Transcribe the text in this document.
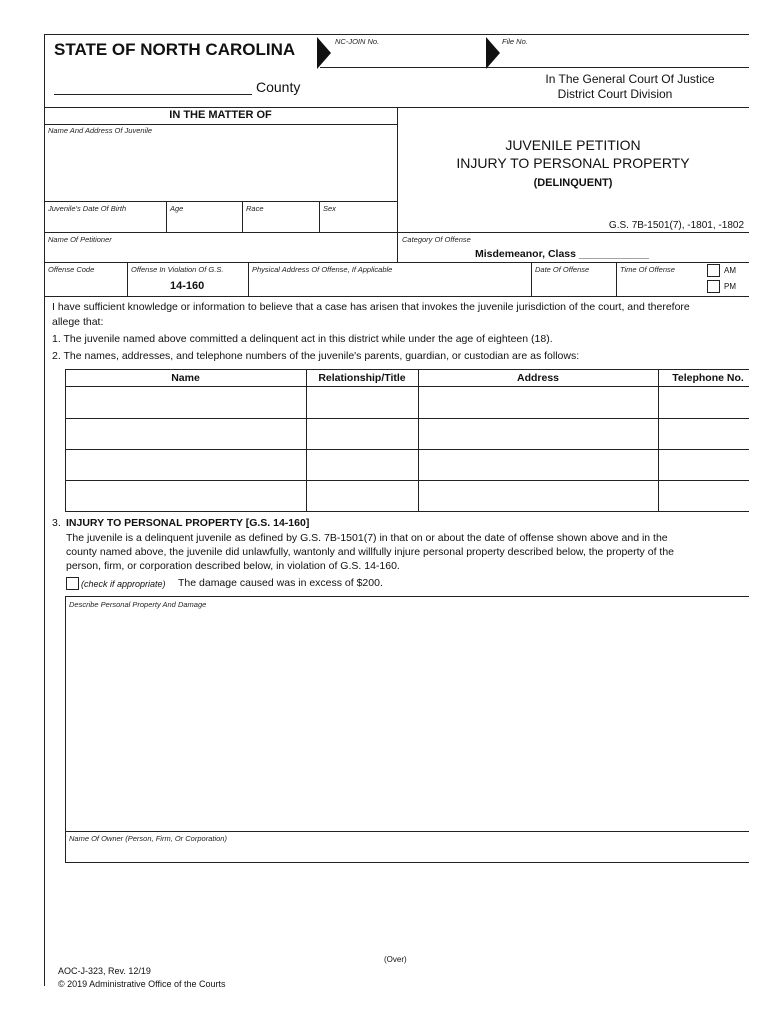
STATE OF NORTH CAROLINA	NC-JOIN No.	File No.
County	In The General Court Of Justice
District Court Division
IN THE MATTER OF
Name And Address Of Juvenile
JUVENILE PETITION
INJURY TO PERSONAL PROPERTY
(DELINQUENT)
G.S. 7B-1501(7), -1801, -1802
Juvenile's Date Of Birth	Age	Race	Sex
Name Of Petitioner	Category Of Offense
Misdemeanor, Class ____________
Offense Code	Offense In Violation Of G.S.
14-160
Physical Address Of Offense, If Applicable	Date Of Offense	Time Of Offense	AM
PM
I have sufficient knowledge or information to believe that a case has arisen that invokes the juvenile jurisdiction of the court, and therefore
allege that:
1. The juvenile named above committed a delinquent act in this district while under the age of eighteen (18).
2. The names, addresses, and telephone numbers of the juvenile's parents, guardian, or custodian are as follows:
Name	Relationship/Title	Address	Telephone No.
3. INJURY TO PERSONAL PROPERTY [G.S. 14-160]
The juvenile is a delinquent juvenile as defined by G.S. 7B-1501(7) in that on or about the date of offense shown above and in the
county named above, the juvenile did unlawfully, wantonly and willfully injure personal property described below, the property of the
person, firm, or corporation described below, in violation of G.S. 14-160.
(check if appropriate) The damage caused was in excess of $200.
Describe Personal Property And Damage
Name Of Owner (Person, Firm, Or Corporation)
(Over)
AOC-J-323, Rev. 12/19
© 2019 Administrative Office of the Courts
